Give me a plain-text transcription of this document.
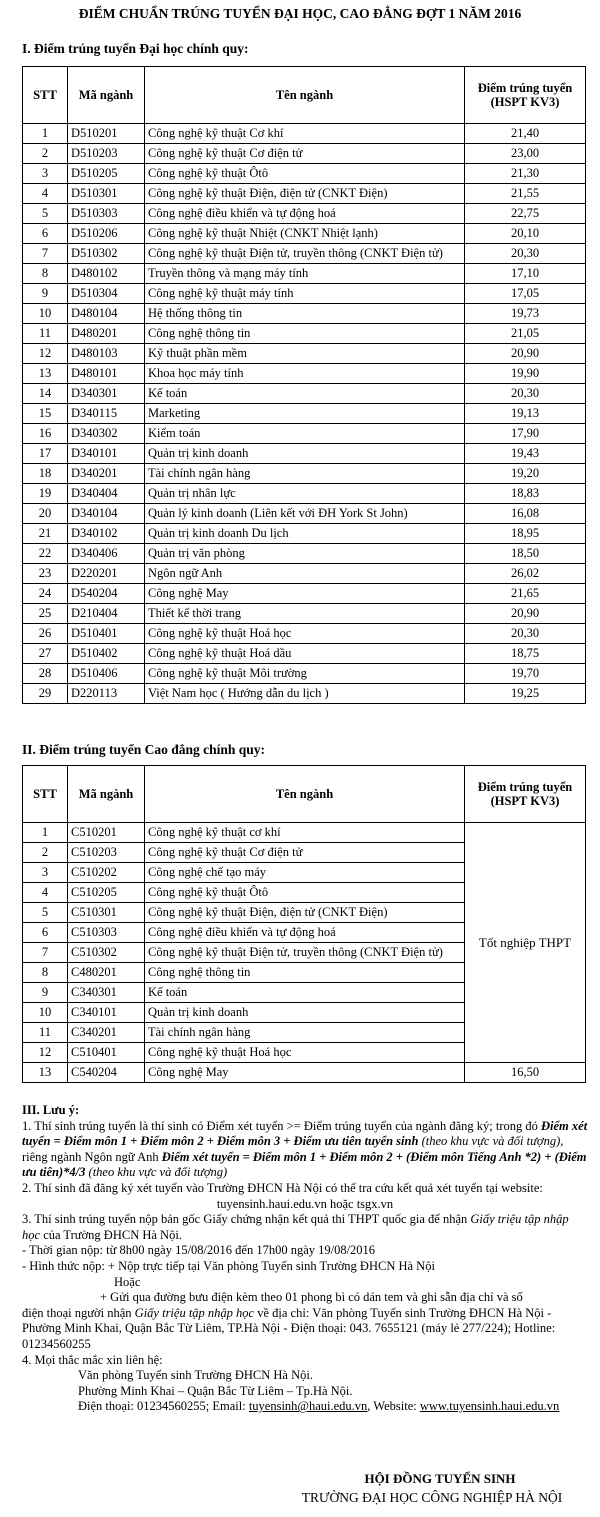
ĐIỂM CHUẨN TRÚNG TUYỂN ĐẠI HỌC, CAO ĐẲNG ĐỢT 1 NĂM 2016
I. Điểm trúng tuyển Đại học chính quy:
STT	Mã ngành	Tên ngành	Điểm trúng tuyển
(HSPT KV3)
1	D510201	Công nghệ kỹ thuật Cơ khí	21,40
2	D510203	Công nghệ kỹ thuật Cơ điện tử	23,00
3	D510205	Công nghệ kỹ thuật Ôtô	21,30
4	D510301	Công nghệ kỹ thuật Điện, điện tử (CNKT Điện)	21,55
5	D510303	Công nghệ điều khiển và tự động hoá	22,75
6	D510206	Công nghệ kỹ thuật Nhiệt (CNKT Nhiệt lạnh)	20,10
7	D510302	Công nghệ kỹ thuật Điện tử, truyền thông (CNKT Điện tử)	20,30
8	D480102	Truyền thông và mạng máy tính	17,10
9	D510304	Công nghệ kỹ thuật máy tính	17,05
10	D480104	Hệ thống thông tin	19,73
11	D480201	Công nghệ thông tin	21,05
12	D480103	Kỹ thuật phần mềm	20,90
13	D480101	Khoa học máy tính	19,90
14	D340301	Kế toán	20,30
15	D340115	Marketing	19,13
16	D340302	Kiểm toán	17,90
17	D340101	Quản trị kinh doanh	19,43
18	D340201	Tài chính ngân hàng	19,20
19	D340404	Quản trị nhân lực	18,83
20	D340104	Quản lý kinh doanh (Liên kết với ĐH York St John)	16,08
21	D340102	Quản trị kinh doanh Du lịch	18,95
22	D340406	Quản trị văn phòng	18,50
23	D220201	Ngôn ngữ Anh	26,02
24	D540204	Công nghệ May	21,65
25	D210404	Thiết kế thời trang	20,90
26	D510401	Công nghệ kỹ thuật Hoá học	20,30
27	D510402	Công nghệ kỹ thuật Hoá dầu	18,75
28	D510406	Công nghệ kỹ thuật Môi trường	19,70
29	D220113	Việt Nam học ( Hướng dẫn du lịch )	19,25
II. Điểm trúng tuyển Cao đẳng chính quy:
STT	Mã ngành	Tên ngành	Điểm trúng tuyển
(HSPT KV3)
1	C510201	Công nghệ kỹ thuật cơ khí	Tốt nghiệp THPT
2	C510203	Công nghệ kỹ thuật Cơ điện tử	
3	C510202	Công nghệ chế tạo máy	
4	C510205	Công nghệ kỹ thuật Ôtô	
5	C510301	Công nghệ kỹ thuật Điện, điện tử (CNKT Điện)	
6	C510303	Công nghệ điều khiển và tự động hoá	
7	C510302	Công nghệ kỹ thuật Điện tử, truyền thông (CNKT Điện tử)	
8	C480201	Công nghệ thông tin	
9	C340301	Kế toán	
10	C340101	Quản trị kinh doanh	
11	C340201	Tài chính ngân hàng	
12	C510401	Công nghệ kỹ thuật Hoá học	
13	C540204	Công nghệ May	16,50

III. Lưu ý:

1. Thí sinh trúng tuyển là thí sinh có Điểm xét tuyển >= Điểm trúng tuyển của ngành đăng ký; trong đó Điểm xét tuyển = Điểm môn 1 + Điểm môn 2 + Điểm môn 3 + Điểm ưu tiên tuyển sinh (theo khu vực và đối tượng), riêng ngành Ngôn ngữ Anh Điểm xét tuyển = Điểm môn 1 + Điểm môn 2 + (Điểm môn Tiếng Anh *2) + (Điểm ưu tiên)*4/3 (theo khu vực và đối tượng)

2. Thí sinh đã đăng ký xét tuyển vào Trường ĐHCN Hà Nội có thể tra cứu kết quả xét tuyển tại website:

tuyensinh.haui.edu.vn hoặc tsgx.vn

3. Thí sinh trúng tuyển nộp bản gốc Giấy chứng nhận kết quả thi THPT quốc gia để nhận Giấy triệu tập nhập học của Trường ĐHCN Hà Nội.

- Thời gian nộp: từ 8h00 ngày 15/08/2016 đến 17h00 ngày 19/08/2016

- Hình thức nộp: + Nộp trực tiếp tại Văn phòng Tuyển sinh Trường ĐHCN Hà Nội

Hoặc

+ Gửi qua đường bưu điện kèm theo 01 phong bì có dán tem và ghi sẵn địa chỉ và số

điện thoại người nhận Giấy triệu tập nhập học về địa chỉ: Văn phòng Tuyển sinh Trường ĐHCN Hà Nội - Phường Minh Khai, Quận Bắc Từ Liêm, TP.Hà Nội - Điện thoại: 043. 7655121 (máy lẻ 277/224); Hotline: 01234560255

4. Mọi thắc mắc xin liên hệ:

Văn phòng Tuyển sinh Trường ĐHCN Hà Nội.

Phường Minh Khai – Quận Bắc Từ Liêm – Tp.Hà Nội.

Điện thoại: 01234560255; Email: tuyensinh@haui.edu.vn, Website: www.tuyensinh.haui.edu.vn

HỘI ĐỒNG TUYỂN SINH
TRƯỜNG ĐẠI HỌC CÔNG NGHIỆP HÀ NỘI
